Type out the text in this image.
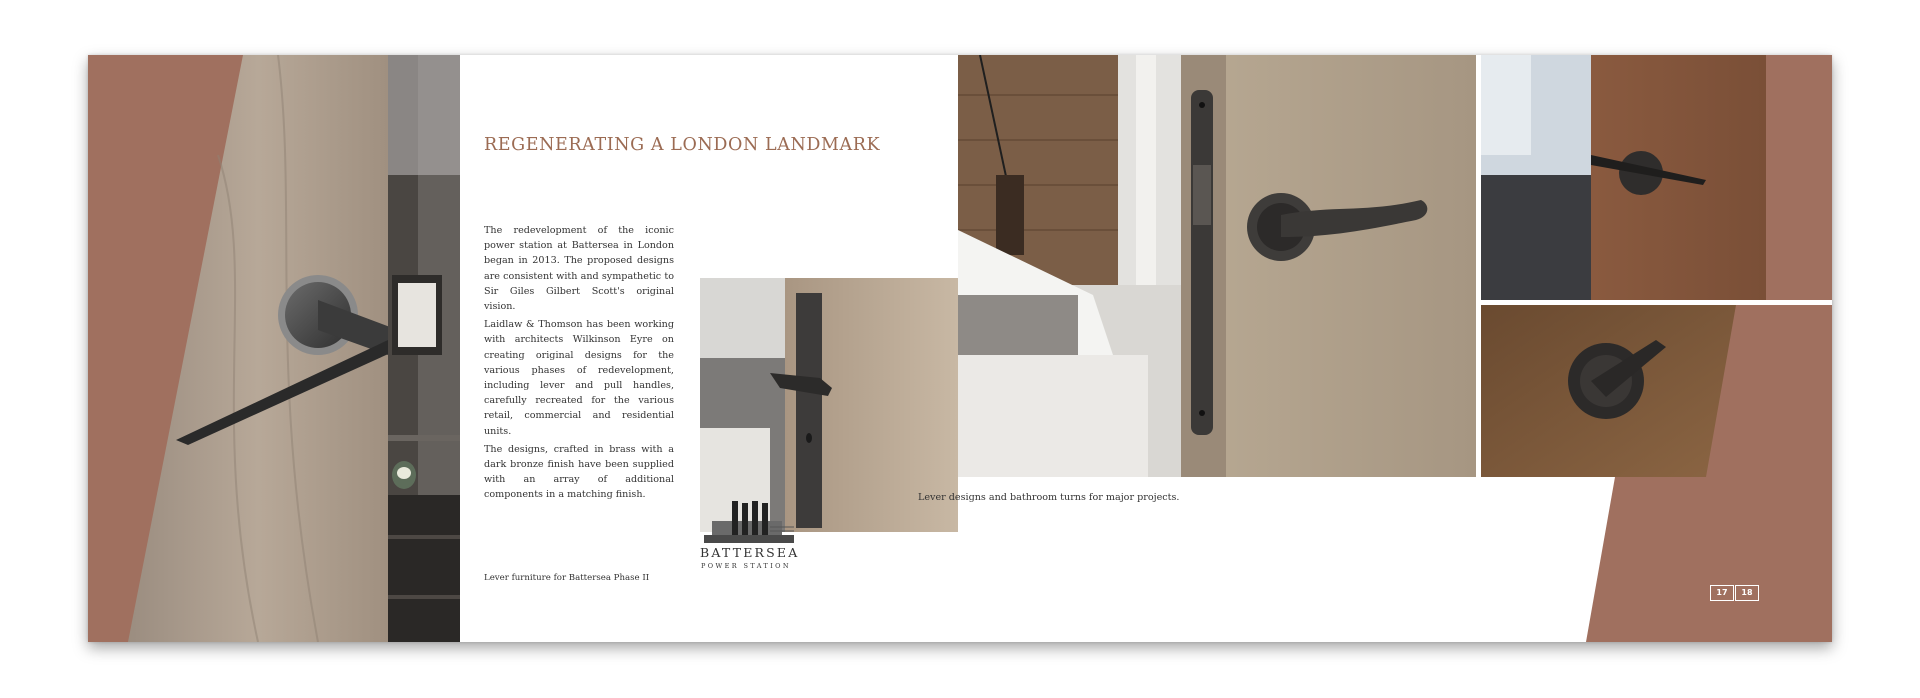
REGENERATING A LONDON LANDMARK

The redevelopment of the iconic power station at Battersea in London began in 2013. The proposed designs are consistent with and sympathetic to Sir Giles Gilbert Scott's original vision.

Laidlaw & Thomson has been working with architects Wilkinson Eyre on creating original designs for the various phases of redevelopment, including lever and pull handles, carefully recreated for the various retail, commercial and residential units.

The designs, crafted in brass with a dark bronze finish have been supplied with an array of additional components in a matching finish.

Lever furniture for Battersea Phase II
Lever designs and bathroom turns for major projects.
BATTERSEA
POWER STATION
17	18
